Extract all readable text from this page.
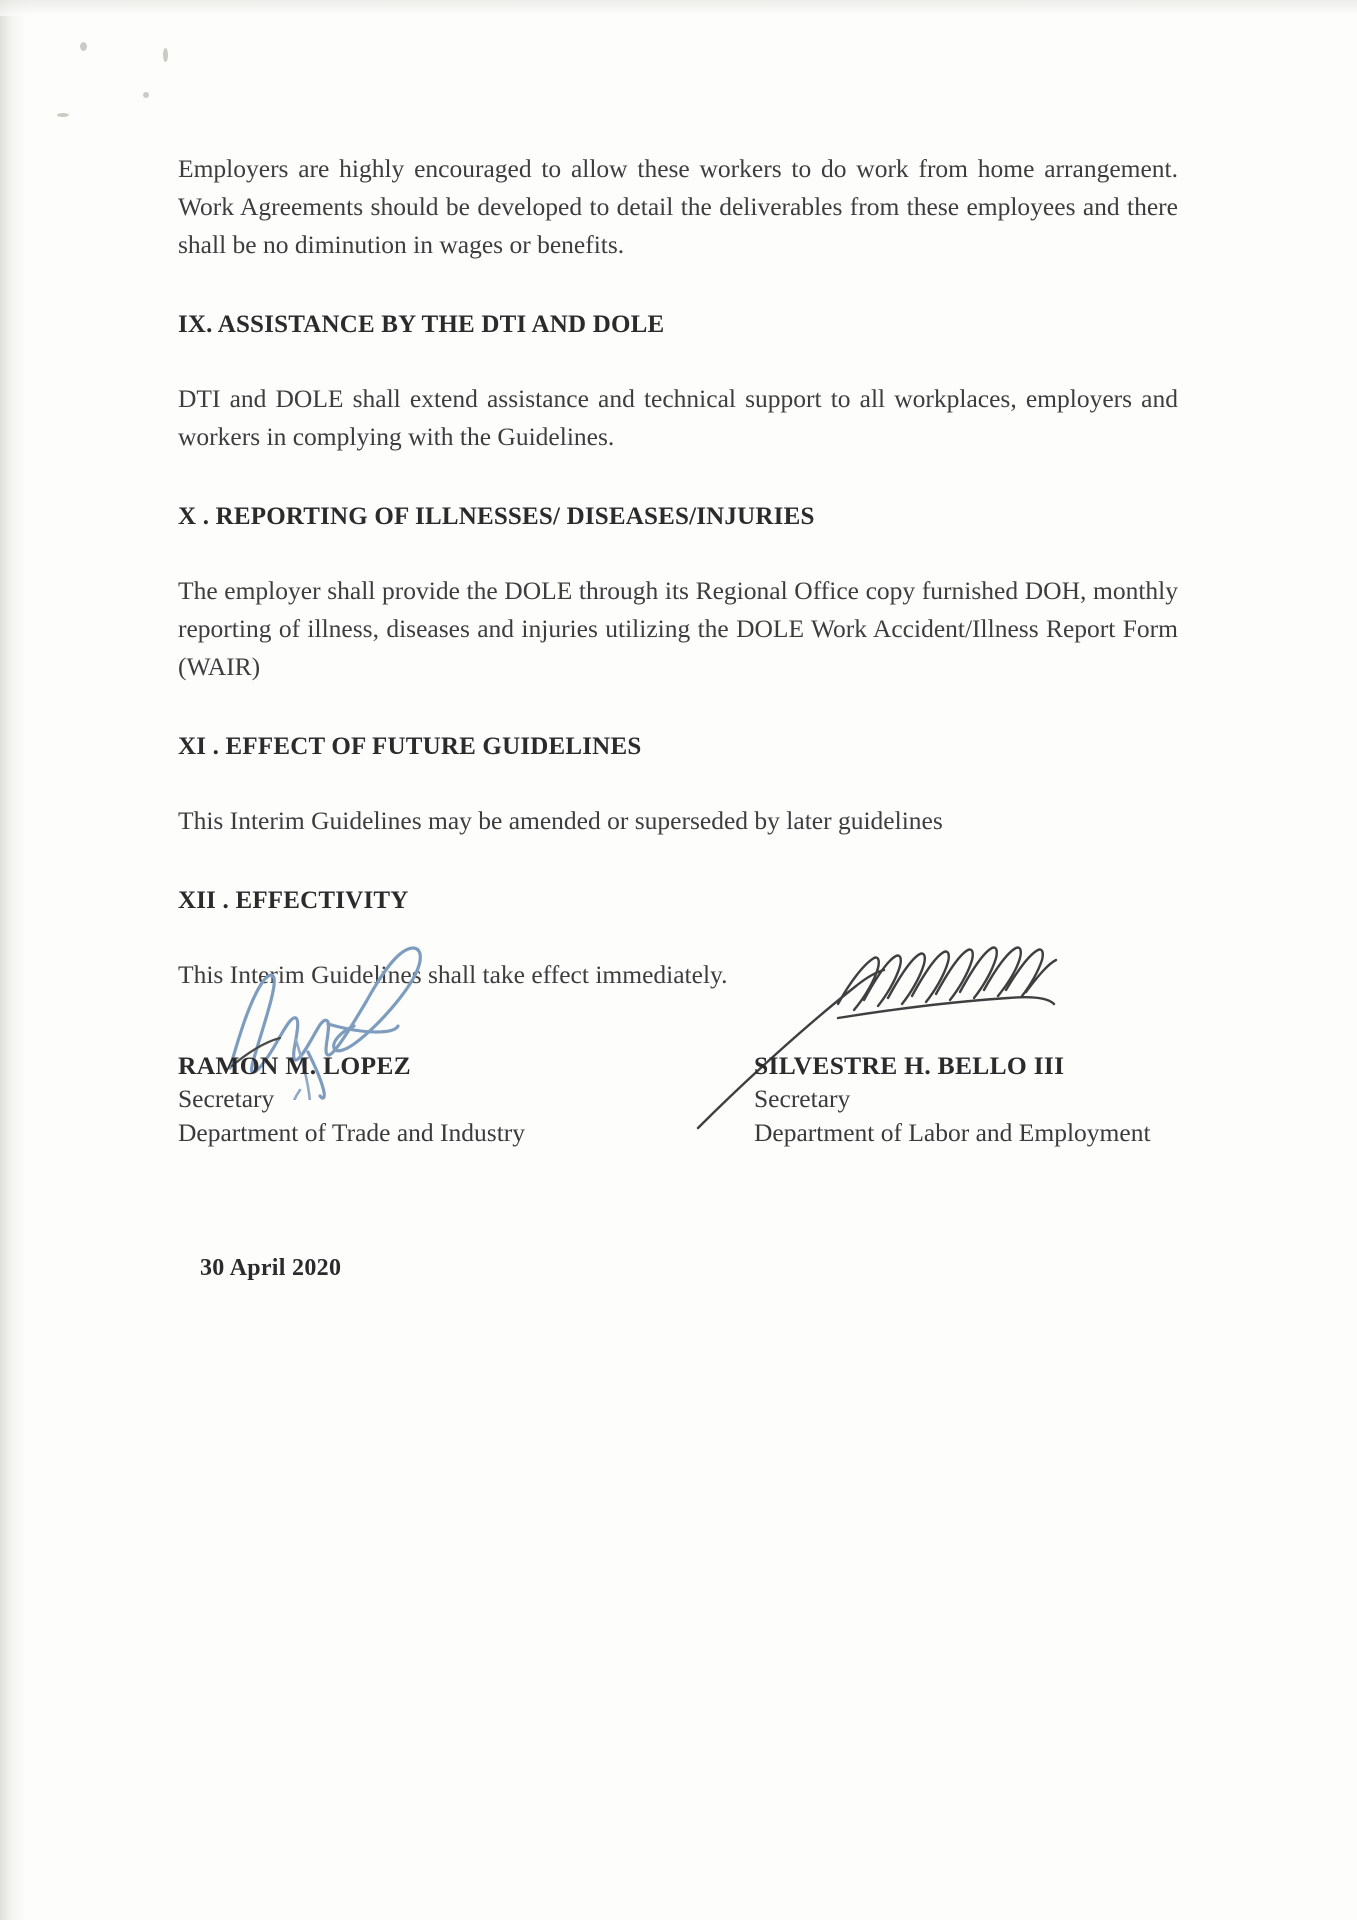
Employers are highly encouraged to allow these workers to do work from home arrangement. Work Agreements should be developed to detail the deliverables from these employees and there shall be no diminution in wages or benefits.

IX. ASSISTANCE BY THE DTI AND DOLE

DTI and DOLE shall extend assistance and technical support to all workplaces, employers and workers in complying with the Guidelines.

X . REPORTING OF ILLNESSES/ DISEASES/INJURIES

The employer shall provide the DOLE through its Regional Office copy furnished DOH, monthly reporting of illness, diseases and injuries utilizing the DOLE Work Accident/Illness Report Form (WAIR)

XI . EFFECT OF FUTURE GUIDELINES

This Interim Guidelines may be amended or superseded by later guidelines

XII . EFFECTIVITY

This Interim Guidelines shall take effect immediately.

RAMON M. LOPEZ
Secretary
Department of Trade and Industry
SILVESTRE H. BELLO III
Secretary
Department of Labor and Employment
30 April 2020
